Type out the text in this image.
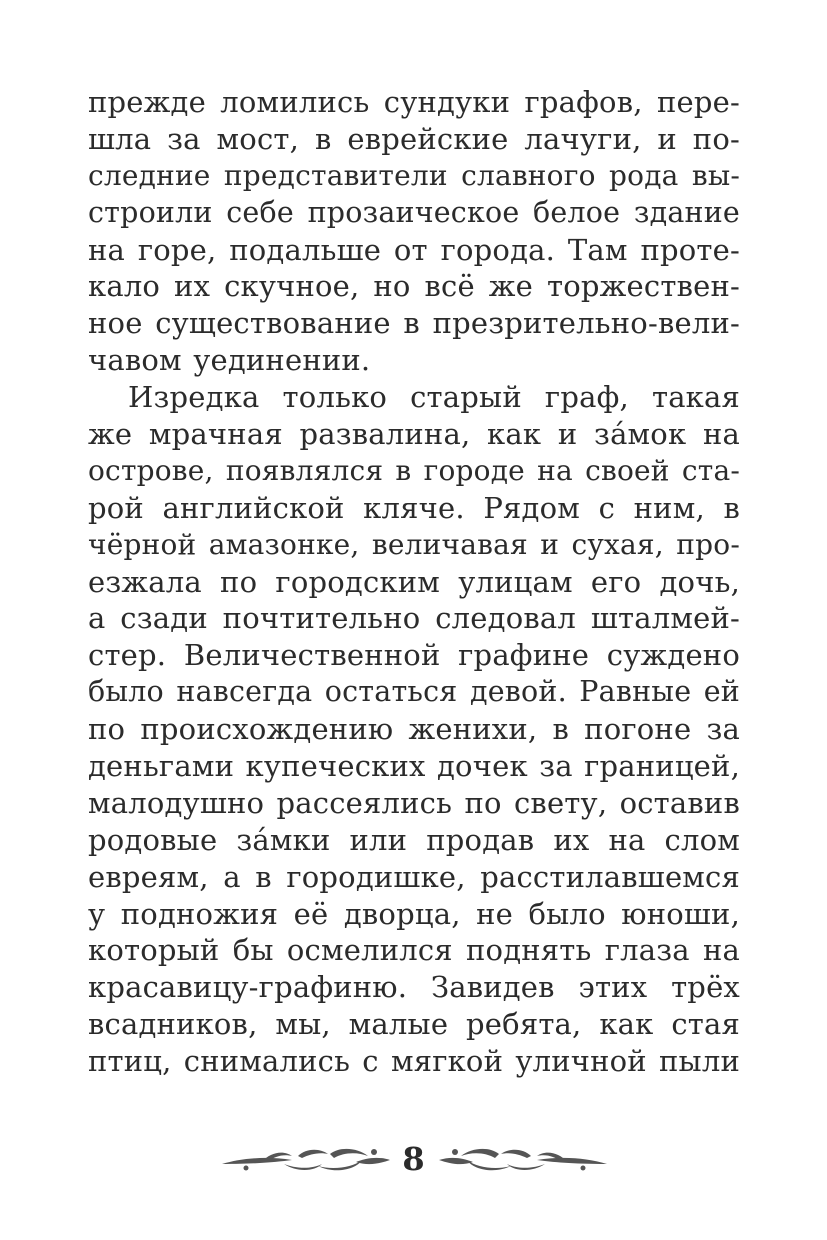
прежде ломились сундуки графов, пере-
шла за мост, в еврейские лачуги, и по-
следние представители славного рода вы-
строили себе прозаическое белое здание
на горе, подальше от города. Там проте-
кало их скучное, но всё же торжествен-
ное существование в презрительно-вели-
чавом уединении.
Изредка только старый граф, такая
же мрачная развалина, как и за́мок на
острове, появлялся в городе на своей ста-
рой английской кляче. Рядом с ним, в
чёрной амазонке, величавая и сухая, про-
езжала по городским улицам его дочь,
а сзади почтительно следовал шталмей-
стер. Величественной графине суждено
было навсегда остаться девой. Равные ей
по происхождению женихи, в погоне за
деньгами купеческих дочек за границей,
малодушно рассеялись по свету, оставив
родовые за́мки или продав их на слом
евреям, а в городишке, расстилавшемся
у подножия её дворца, не было юноши,
который бы осмелился поднять глаза на
красавицу-графиню. Завидев этих трёх
всадников, мы, малые ребята, как стая
птиц, снимались с мягкой уличной пыли
8
